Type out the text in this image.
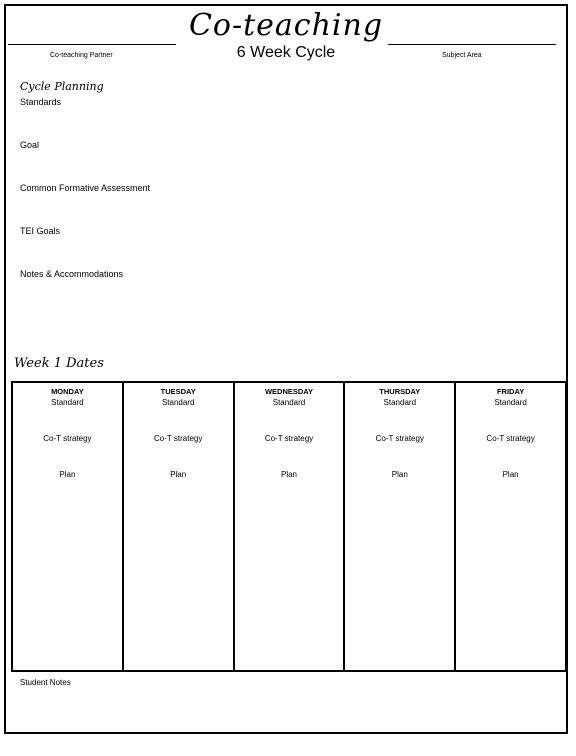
Co-teaching
6 Week Cycle
Co-teaching Partner	Subject Area
Cycle Planning
Standards
Goal
Common Formative Assessment
TEI Goals
Notes & Accommodations
Week 1 Dates
MONDAY
Standard
Co-T strategy
Plan
TUESDAY
Standard
Co-T strategy
Plan
WEDNESDAY
Standard
Co-T strategy
Plan
THURSDAY
Standard
Co-T strategy
Plan
FRIDAY
Standard
Co-T strategy
Plan
Student Notes
